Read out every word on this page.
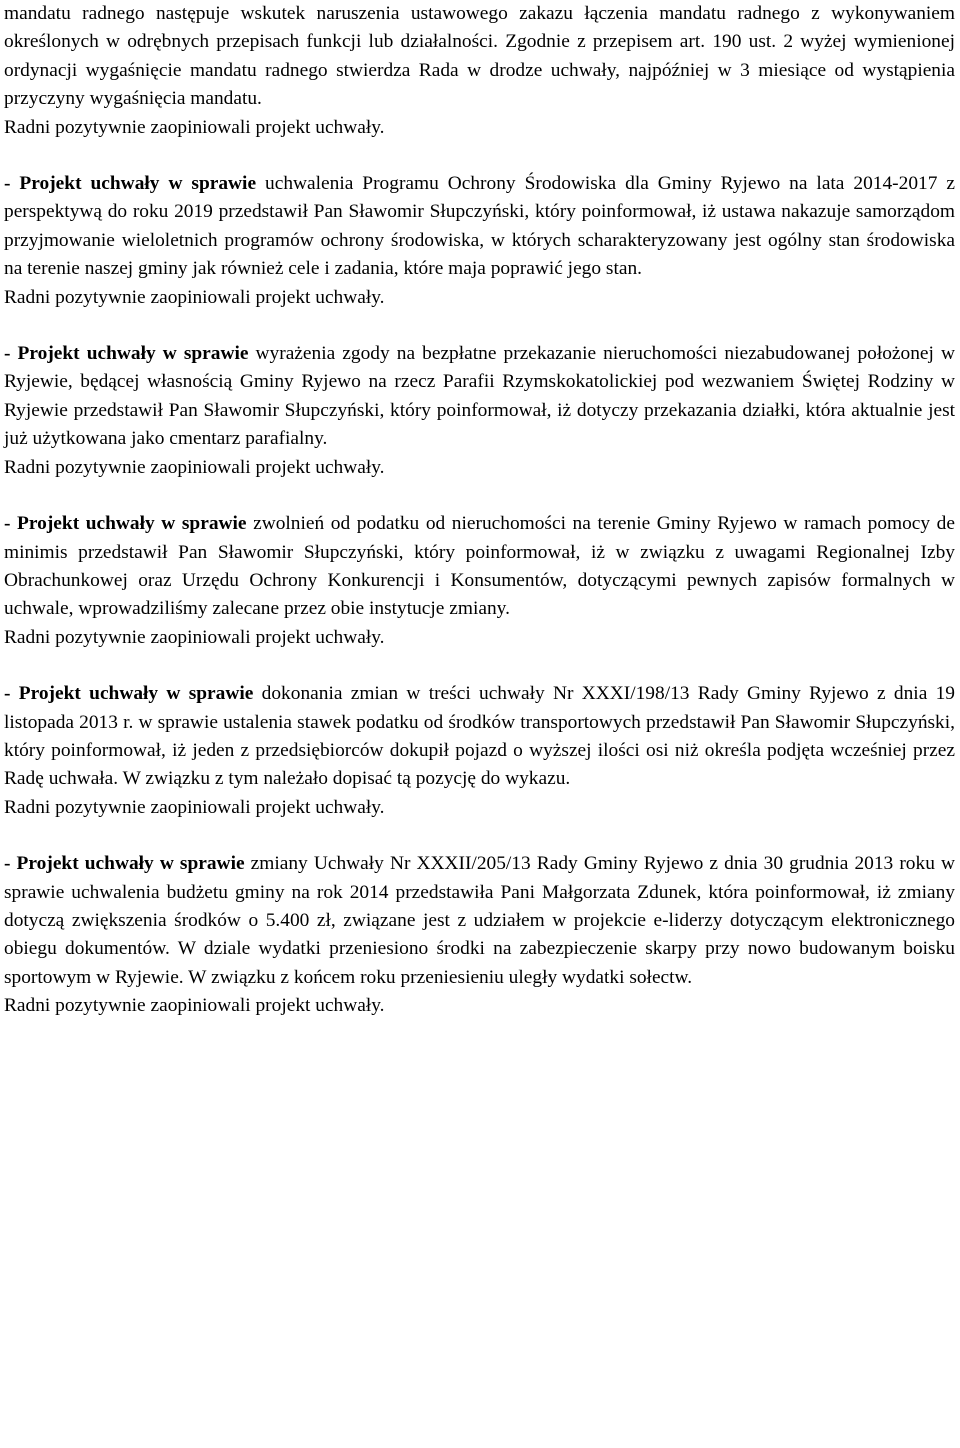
mandatu radnego następuje wskutek naruszenia ustawowego zakazu łączenia mandatu radnego z wykonywaniem określonych w odrębnych przepisach funkcji lub działalności. Zgodnie z przepisem art. 190 ust. 2 wyżej wymienionej ordynacji wygaśnięcie mandatu radnego stwierdza Rada w drodze uchwały, najpóźniej w 3 miesiące od wystąpienia przyczyny wygaśnięcia mandatu.

Radni pozytywnie zaopiniowali projekt uchwały.

- Projekt uchwały w sprawie uchwalenia Programu Ochrony Środowiska dla Gminy Ryjewo na lata 2014-2017 z perspektywą do roku 2019 przedstawił Pan Sławomir Słupczyński, który poinformował, iż ustawa nakazuje samorządom przyjmowanie wieloletnich programów ochrony środowiska, w których scharakteryzowany jest ogólny stan środowiska na terenie naszej gminy jak również cele i zadania, które maja poprawić jego stan.

Radni pozytywnie zaopiniowali projekt uchwały.

- Projekt uchwały w sprawie wyrażenia zgody na bezpłatne przekazanie nieruchomości niezabudowanej położonej w Ryjewie, będącej własnością Gminy Ryjewo na rzecz Parafii Rzymskokatolickiej pod wezwaniem Świętej Rodziny w Ryjewie przedstawił Pan Sławomir Słupczyński, który poinformował, iż dotyczy przekazania działki, która aktualnie jest już użytkowana jako cmentarz parafialny.

Radni pozytywnie zaopiniowali projekt uchwały.

- Projekt uchwały w sprawie zwolnień od podatku od nieruchomości na terenie Gminy Ryjewo w ramach pomocy de minimis przedstawił Pan Sławomir Słupczyński, który poinformował, iż w związku z uwagami Regionalnej Izby Obrachunkowej oraz Urzędu Ochrony Konkurencji i Konsumentów, dotyczącymi pewnych zapisów formalnych w uchwale, wprowadziliśmy zalecane przez obie instytucje zmiany.

Radni pozytywnie zaopiniowali projekt uchwały.

- Projekt uchwały w sprawie dokonania zmian w treści uchwały Nr XXXI/198/13 Rady Gminy Ryjewo z dnia 19 listopada 2013 r. w sprawie ustalenia stawek podatku od środków transportowych przedstawił Pan Sławomir Słupczyński, który poinformował, iż jeden z przedsiębiorców dokupił pojazd o wyższej ilości osi niż określa podjęta wcześniej przez Radę uchwała. W związku z tym należało dopisać tą pozycję do wykazu.

Radni pozytywnie zaopiniowali projekt uchwały.

- Projekt uchwały w sprawie zmiany Uchwały Nr XXXII/205/13 Rady Gminy Ryjewo z dnia 30 grudnia 2013 roku w sprawie uchwalenia budżetu gminy na rok 2014 przedstawiła Pani Małgorzata Zdunek, która poinformował, iż zmiany dotyczą zwiększenia środków o 5.400 zł, związane jest z udziałem w projekcie e-liderzy dotyczącym elektronicznego obiegu dokumentów. W dziale wydatki przeniesiono środki na zabezpieczenie skarpy przy nowo budowanym boisku sportowym w Ryjewie. W związku z końcem roku przeniesieniu uległy wydatki sołectw.

Radni pozytywnie zaopiniowali projekt uchwały.
